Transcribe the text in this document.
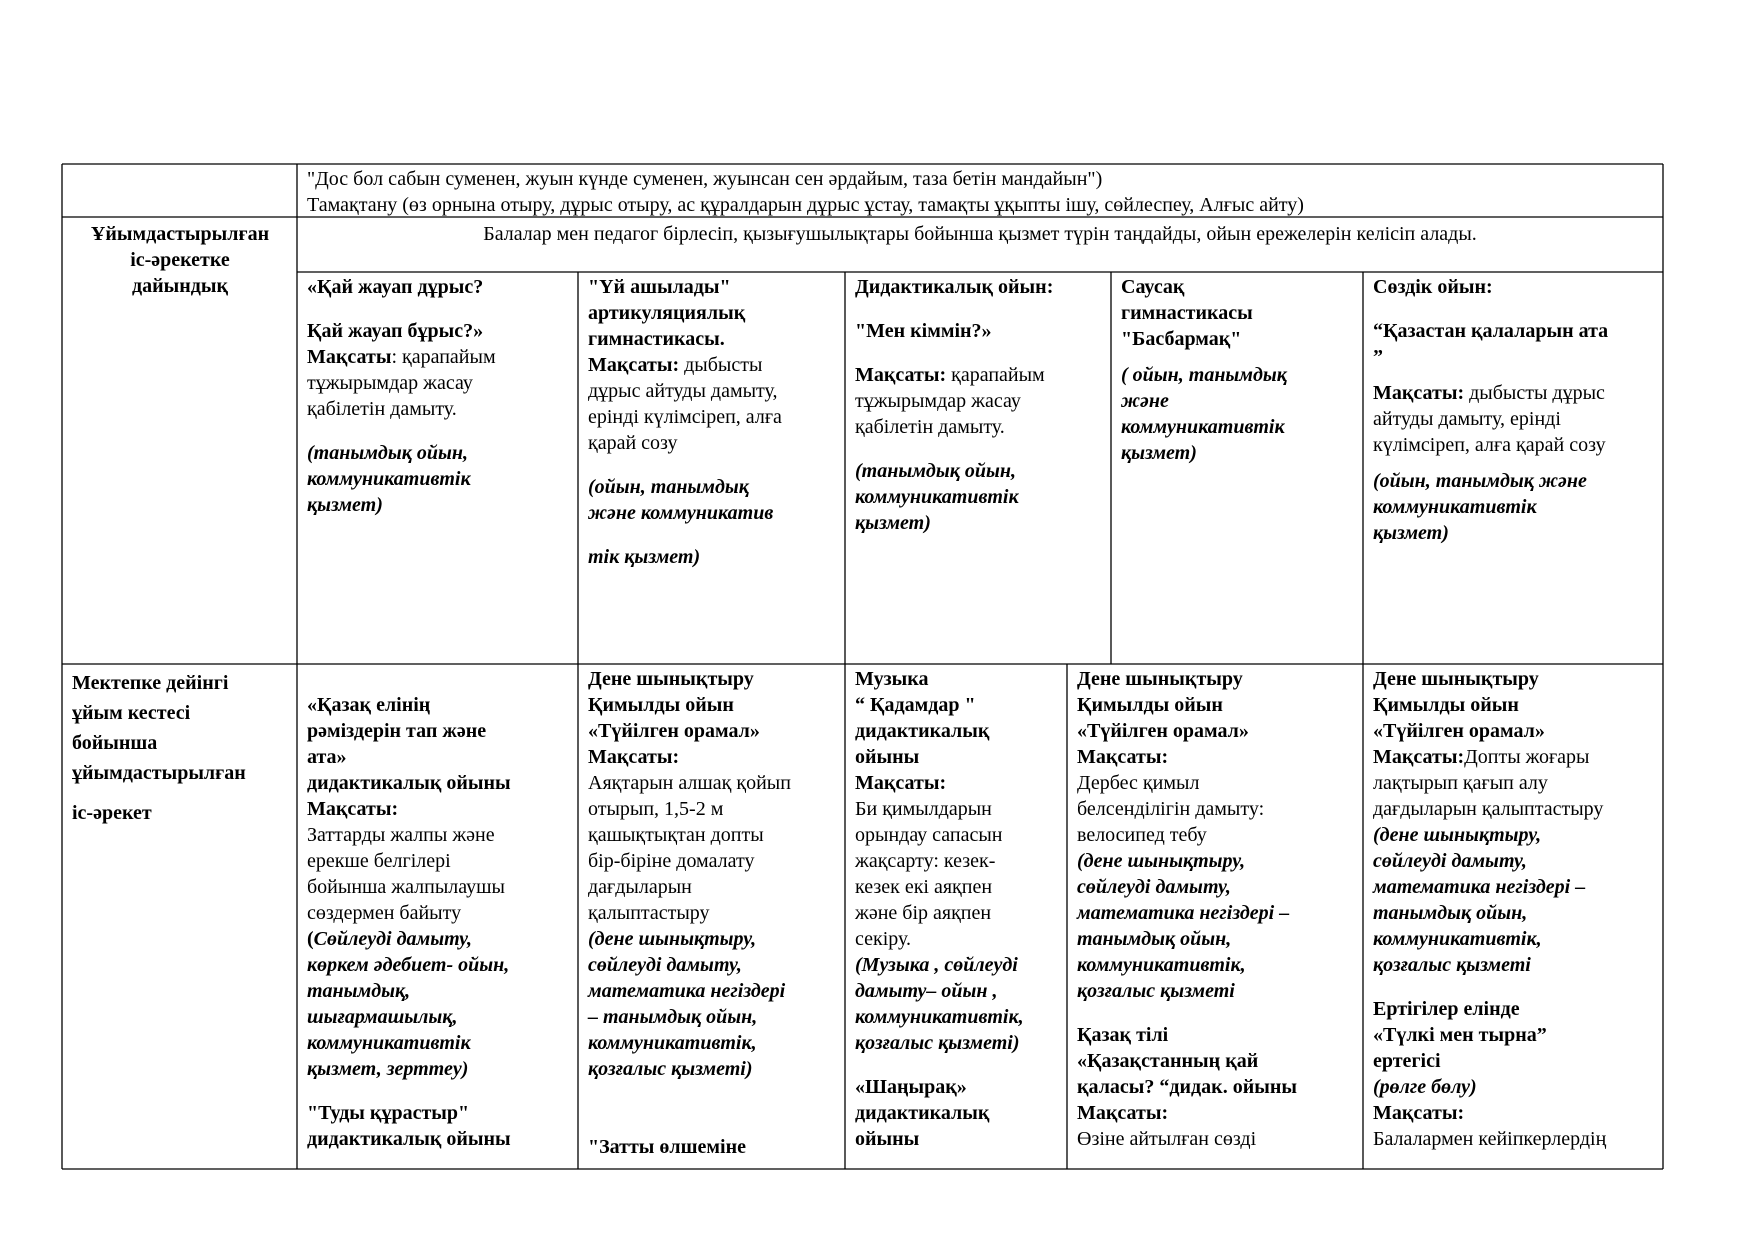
"Дос бол сабын суменен, жуын күнде суменен, жуынсан сен әрдайым, таза бетін мандайын")

Тамақтану (өз орнына отыру, дұрыс отыру, ас құралдарын дұрыс ұстау, тамақты ұқыпты ішу, сөйлеспеу, Алғыс айту)

Ұйымдастырылған

іс-әрекетке

дайындық

Балалар мен педагог бірлесіп, қызығушылықтары бойынша қызмет түрін таңдайды, ойын ережелерін келісіп алады.

«Қай жауап дұрыс?

Қай жауап бұрыс?»

Мақсаты: қарапайым

тұжырымдар жасау

қабілетін дамыту.

(танымдық ойын,

коммуникативтік

қызмет)

"Үй ашылады"

артикуляциялық

гимнастикасы.

Мақсаты: дыбысты

дұрыс айтуды дамыту,

ерінді күлімсіреп, алға

қарай созу

(ойын, танымдық

және коммуникатив

тік қызмет)

Дидактикалық ойын:

"Мен кіммін?»

Мақсаты: қарапайым

тұжырымдар жасау

қабілетін дамыту.

(танымдық ойын,

коммуникативтік

қызмет)

Саусақ

гимнастикасы

"Басбармақ"

( ойын, танымдық

және

коммуникативтік

қызмет)

Сөздік ойын:

“Қазастан қалаларын ата

”

Мақсаты: дыбысты дұрыс

айтуды дамыту, ерінді

күлімсіреп, алға қарай созу

(ойын, танымдық және

коммуникативтік

қызмет)

Мектепке дейінгі

ұйым кестесі

бойынша

ұйымдастырылған

іс-әрекет

«Қазақ елінің

рәміздерін тап және

ата»

дидактикалық ойыны

Мақсаты:

Заттарды жалпы және

ерекше белгілері

бойынша жалпылаушы

сөздермен байыту

(Сөйлеуді дамыту,

көркем әдебиет- ойын,

танымдық,

шығармашылық,

коммуникативтік

қызмет, зерттеу)

"Туды құрастыр"

дидактикалық ойыны

Дене шынықтыру

Қимылды ойын

«Түйілген орамал»

Мақсаты:

Аяқтарын алшақ қойып

отырып, 1,5-2 м

қашықтықтан допты

бір-біріне домалату

дағдыларын

қалыптастыру

(дене шынықтыру,

сөйлеуді дамыту,

математика негіздері

– танымдық ойын,

коммуникативтік,

қозғалыс қызметі)

"Затты өлшеміне

Музыка

“ Қадамдар "

дидактикалық

ойыны

Мақсаты:

Би қимылдарын

орындау сапасын

жақсарту: кезек-

кезек екі аяқпен

және бір аяқпен

секіру.

(Музыка , сөйлеуді

дамыту– ойын ,

коммуникативтік,

қозғалыс қызметі)

«Шаңырақ»

дидактикалық

ойыны

Дене шынықтыру

Қимылды ойын

«Түйілген орамал»

Мақсаты:

Дербес қимыл

белсенділігін дамыту:

велосипед тебу

(дене шынықтыру,

сөйлеуді дамыту,

математика негіздері –

танымдық ойын,

коммуникативтік,

қозғалыс қызметі

Қазақ тілі

«Қазақстанның қай

қаласы? “дидак. ойыны

Мақсаты:

Өзіне айтылған сөзді

Дене шынықтыру

Қимылды ойын

«Түйілген орамал»

Мақсаты:Допты жоғары

лақтырып қағып алу

дағдыларын қалыптастыру

(дене шынықтыру,

сөйлеуді дамыту,

математика негіздері –

танымдық ойын,

коммуникативтік,

қозғалыс қызметі

Ертігілер елінде

«Түлкі мен тырна”

ертегісі

(рөлге бөлу)

Мақсаты:

Балалармен кейіпкерлердің
